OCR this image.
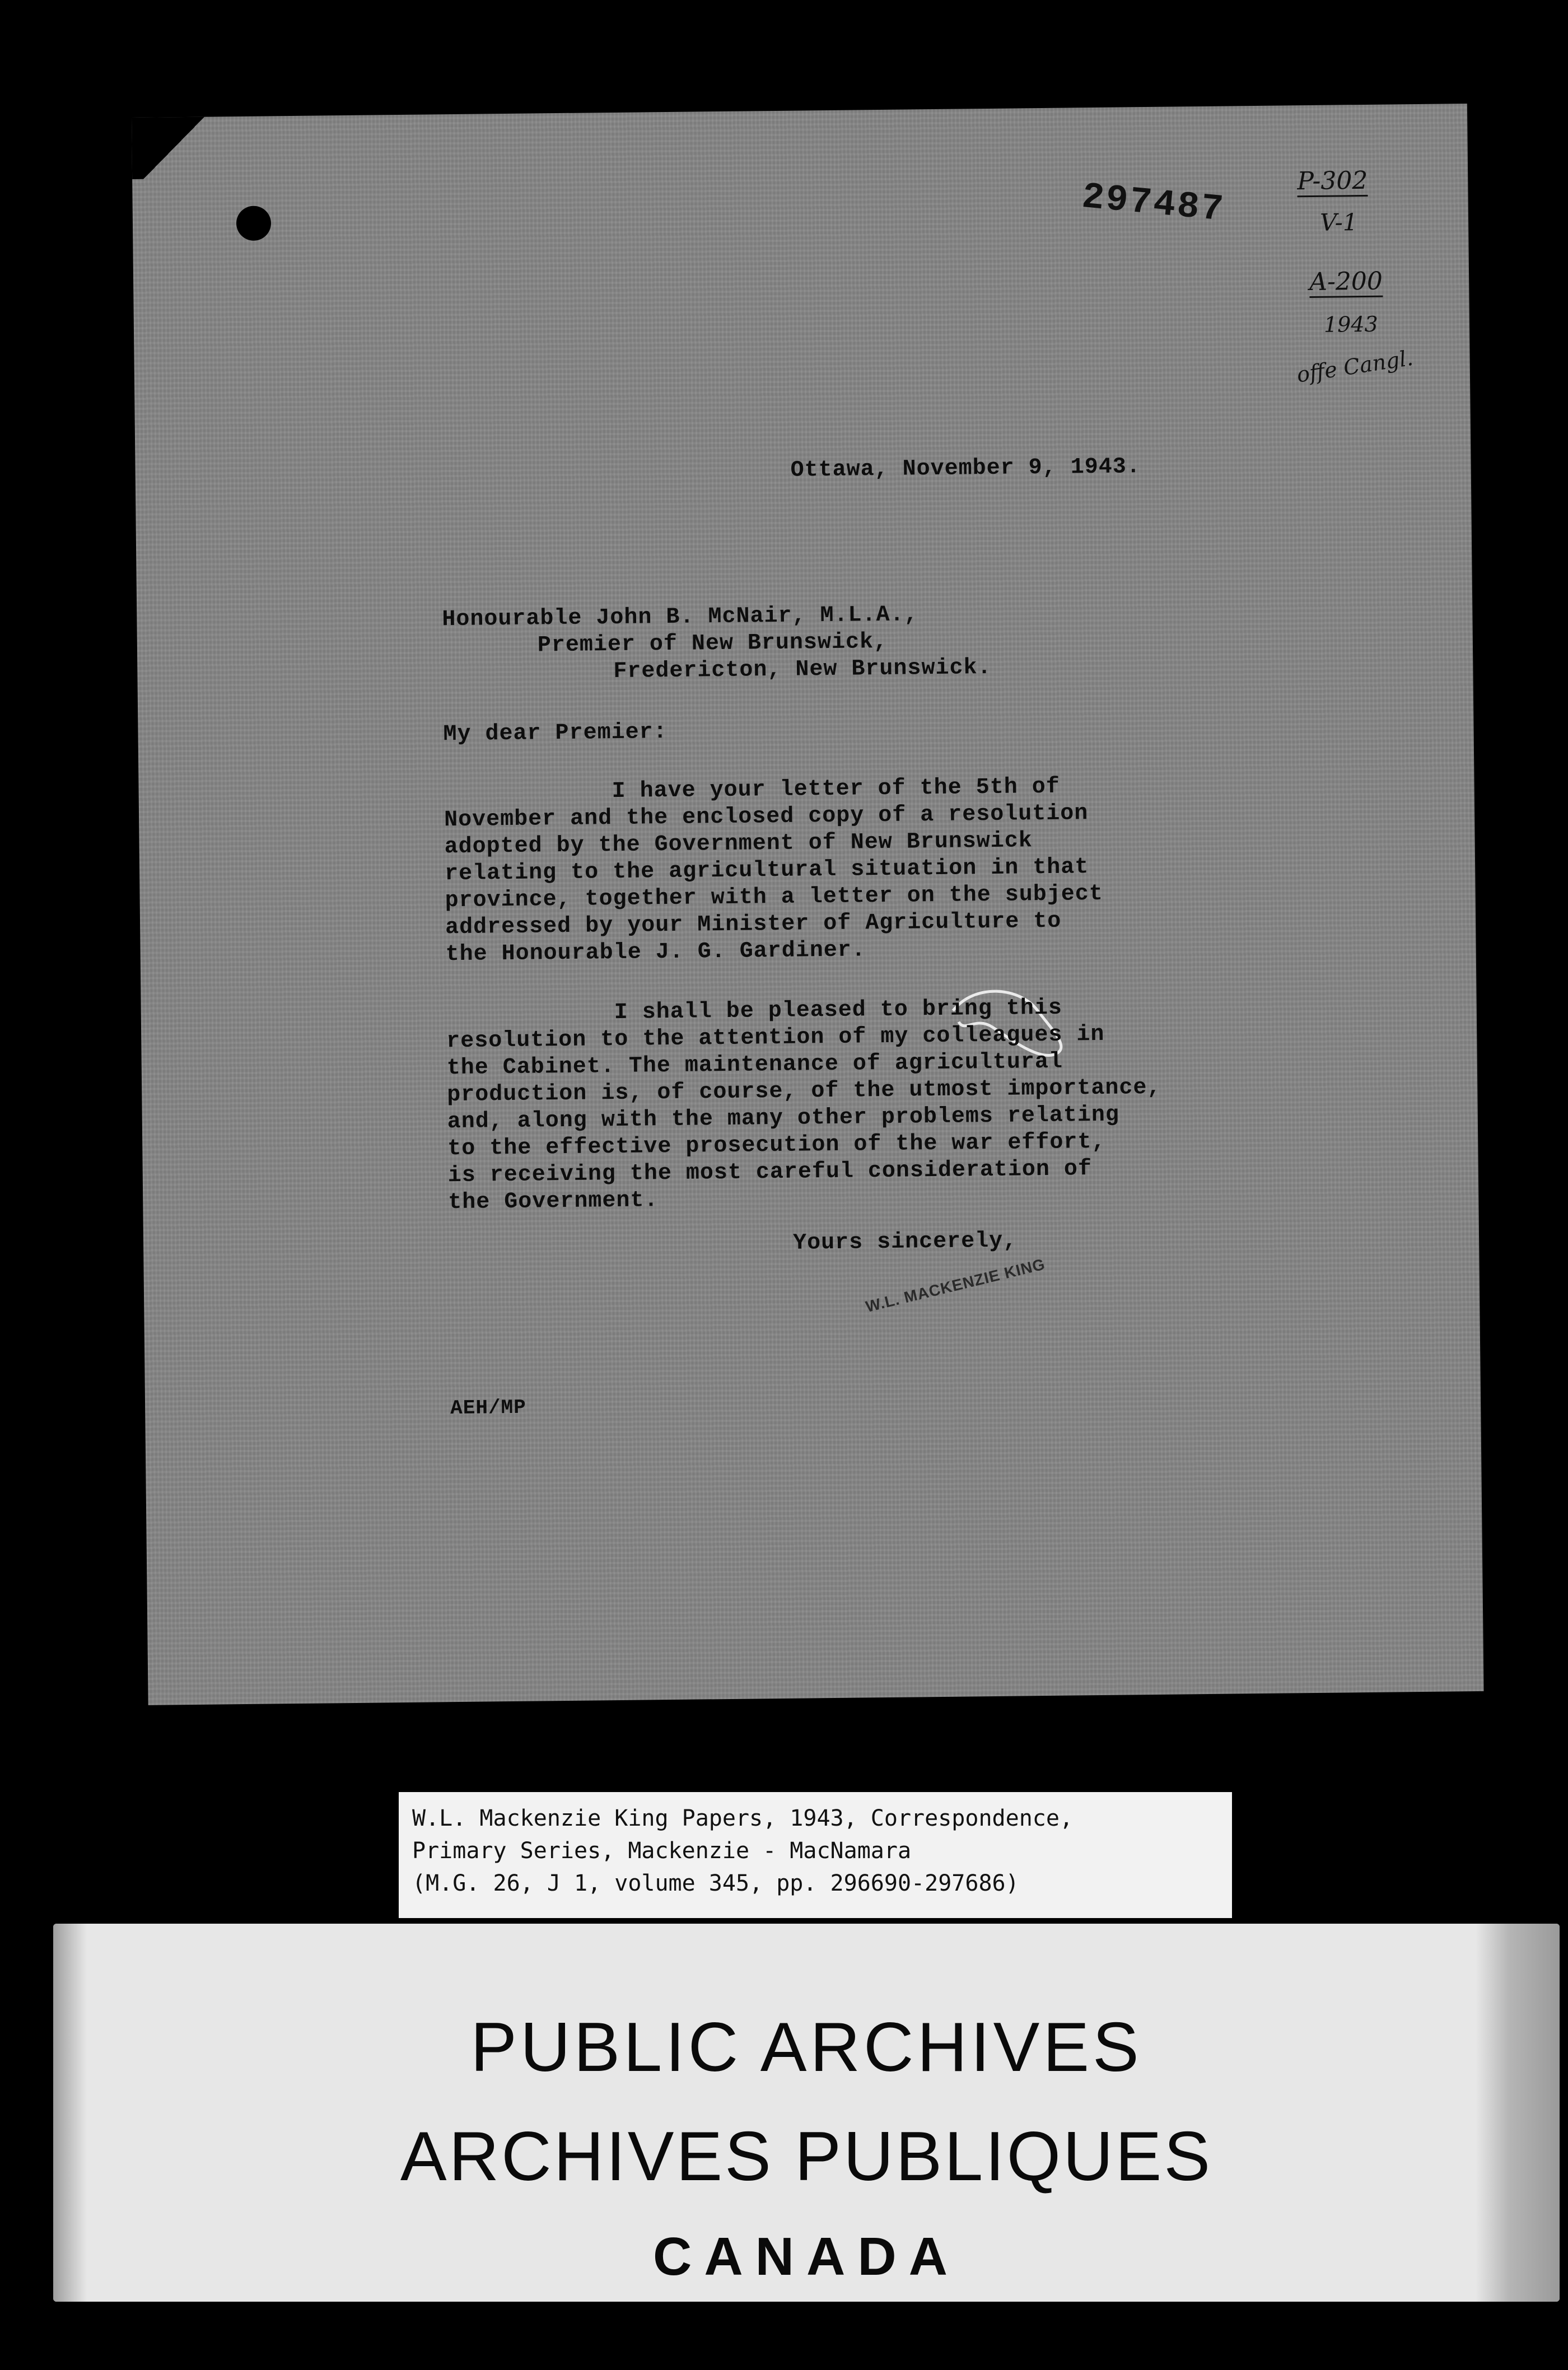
297487	P-302
V-1
A-200
1943
offe Cangl.
Ottawa, November 9, 1943.
Honourable John B. McNair, M.L.A.,
Premier of New Brunswick,
Fredericton, New Brunswick.
My dear Premier:
I have your letter of the 5th of
November and the enclosed copy of a resolution
adopted by the Government of New Brunswick
relating to the agricultural situation in that
province, together with a letter on the subject
addressed by your Minister of Agriculture to
the Honourable J. G. Gardiner.
I shall be pleased to bring this
resolution to the attention of my colleagues in
the Cabinet. The maintenance of agricultural
production is, of course, of the utmost importance,
and, along with the many other problems relating
to the effective prosecution of the war effort,
is receiving the most careful consideration of
the Government.
Yours sincerely,
W.L. MACKENZIE KING
AEH/MP
W.L. Mackenzie King Papers, 1943, Correspondence,
Primary Series, Mackenzie - MacNamara
(M.G. 26, J 1, volume 345, pp. 296690-297686)
PUBLIC ARCHIVES
ARCHIVES PUBLIQUES
CANADA
